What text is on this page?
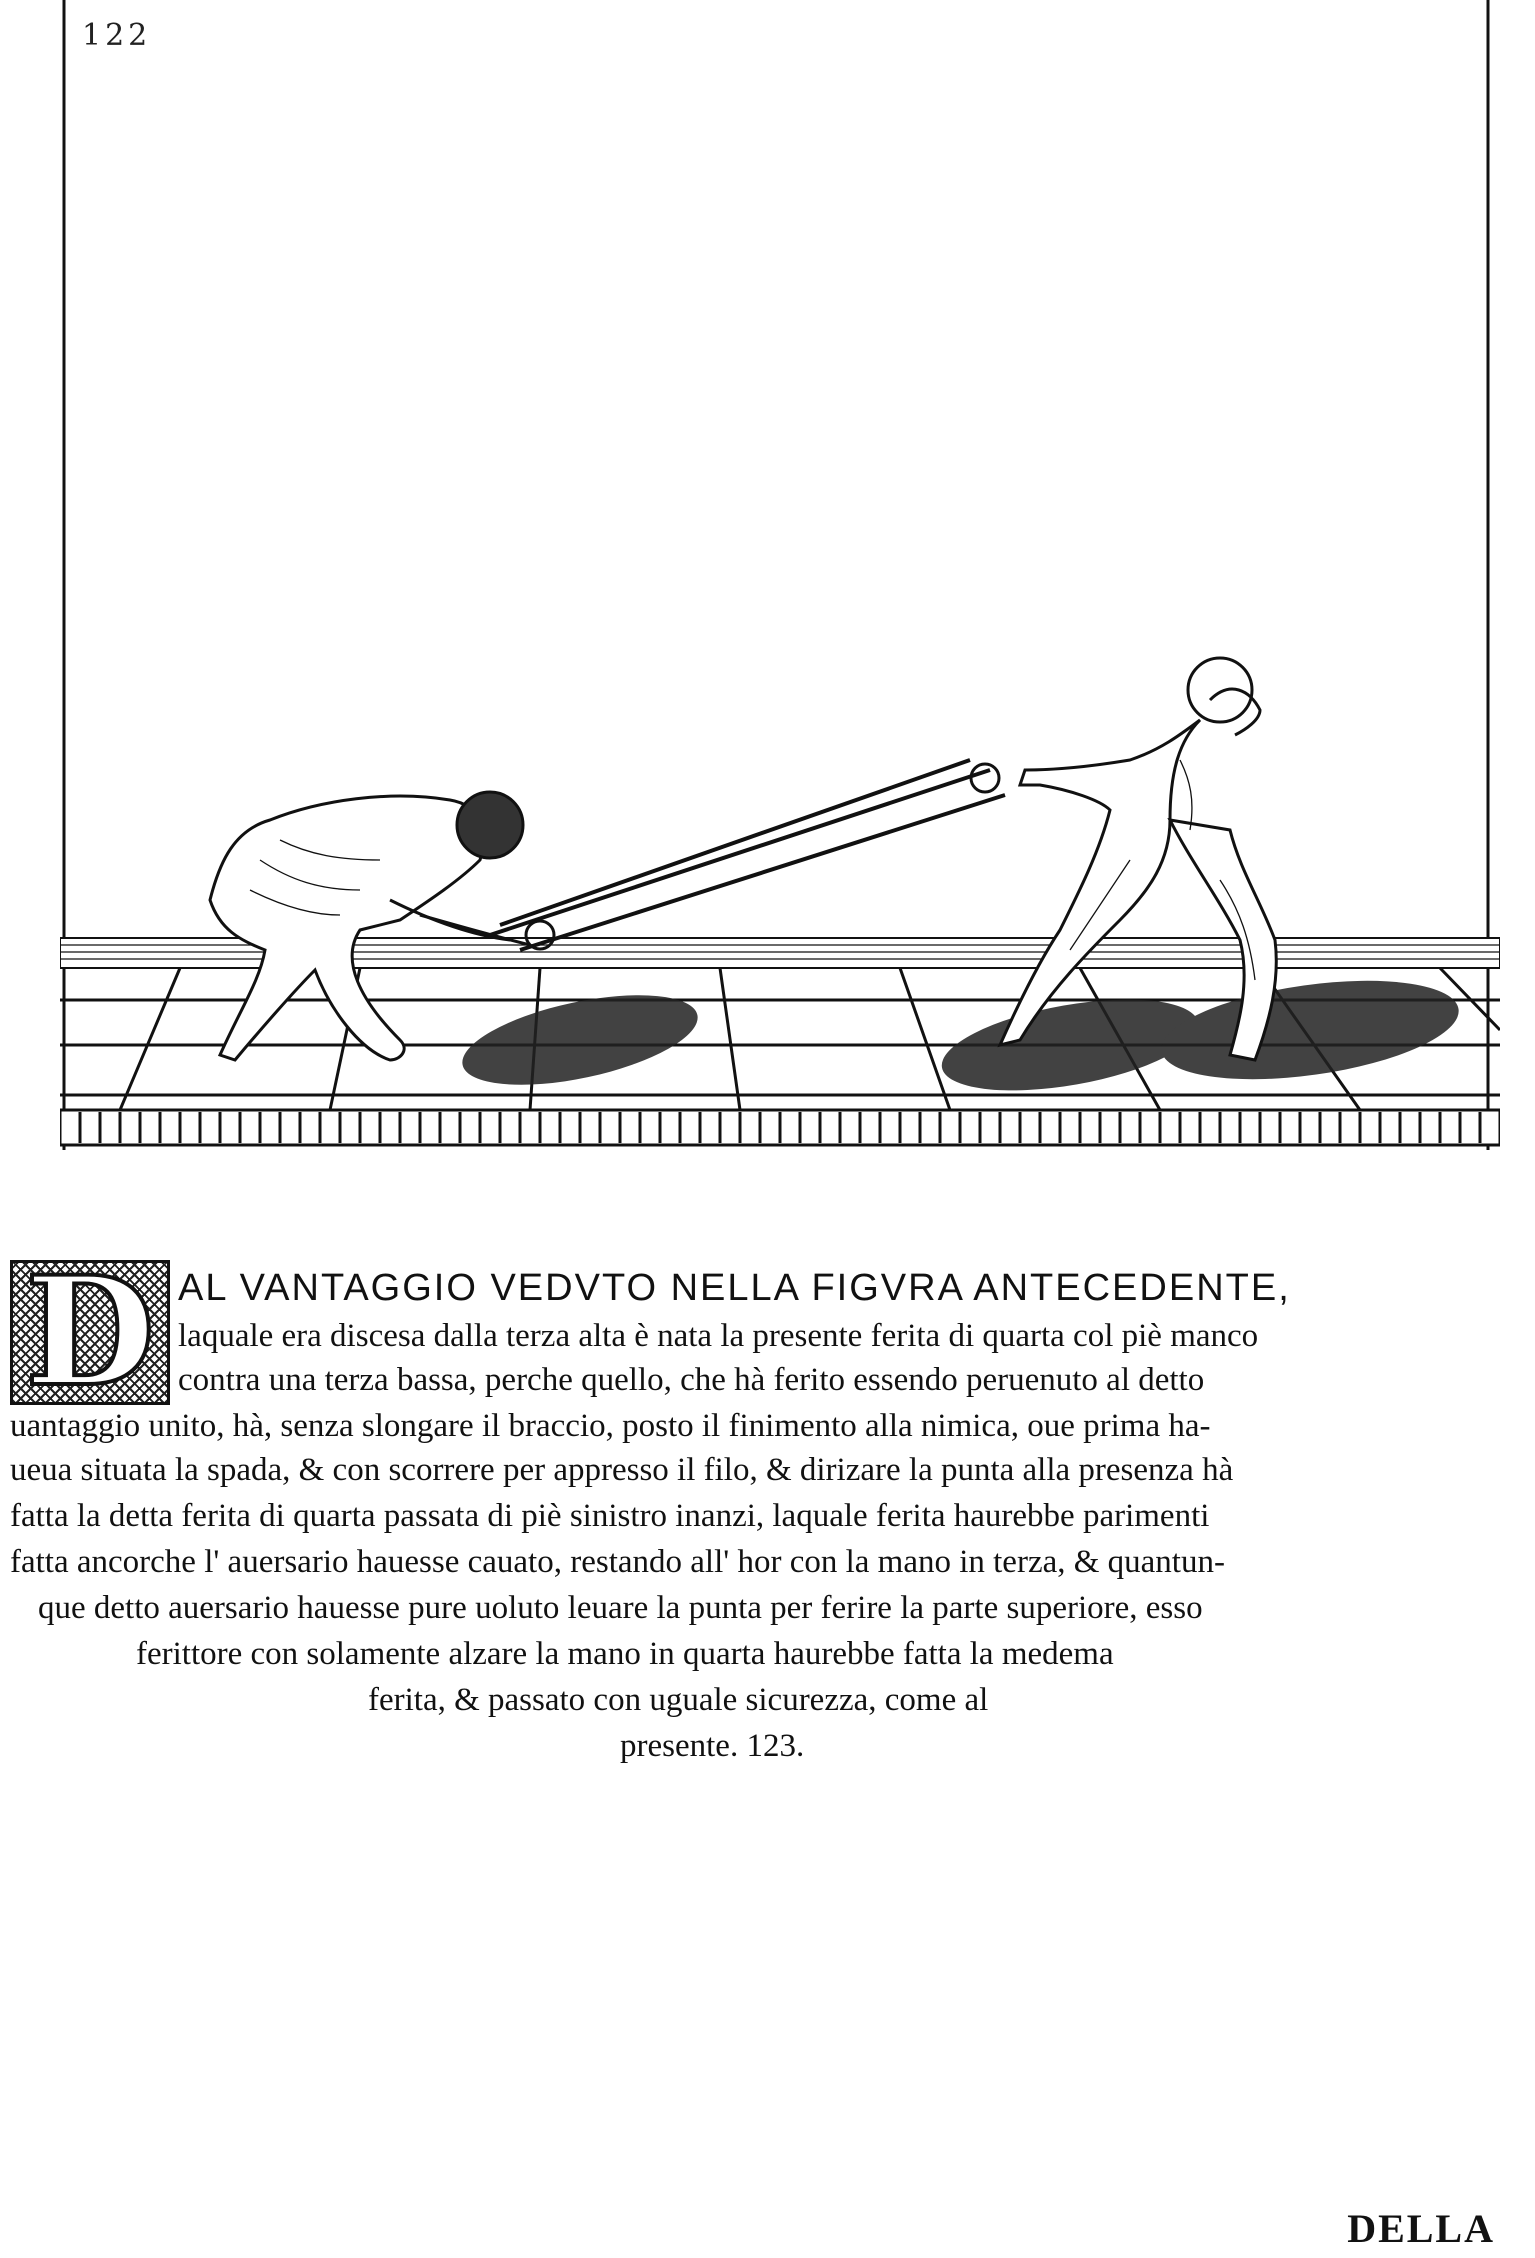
122
D AL VANTAGGIO VEDVTO NELLA FIGVRA ANTECEDENTE,
laquale era discesa dalla terza alta è nata la presente ferita di quarta col piè manco
contra una terza bassa, perche quello, che hà ferito essendo peruenuto al detto
uantaggio unito, hà, senza slongare il braccio, posto il finimento alla nimica, oue prima ha-
ueua situata la spada, & con scorrere per appresso il filo, & dirizare la punta alla presenza hà
fatta la detta ferita di quarta passata di piè sinistro inanzi, laquale ferita haurebbe parimenti
fatta ancorche l' auersario hauesse cauato, restando all' hor con la mano in terza, & quantun-
que detto auersario hauesse pure uoluto leuare la punta per ferire la parte superiore, esso
ferittore con solamente alzare la mano in quarta haurebbe fatta la medema
ferita, & passato con uguale sicurezza, come al
presente. 123.
DELLA
